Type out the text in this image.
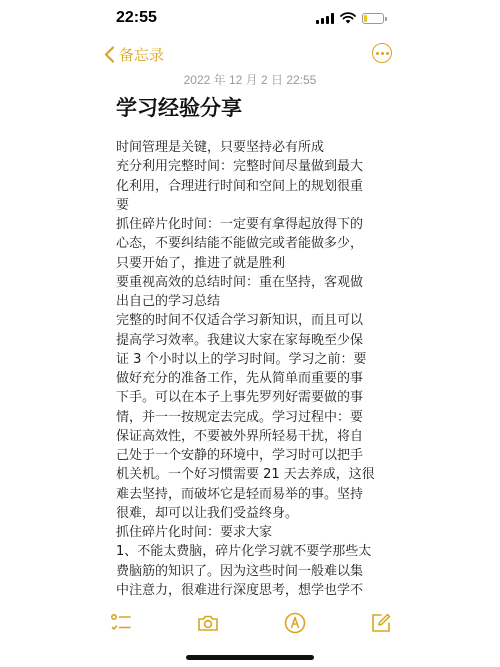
22:55
备忘录
2022 年 12 月 2 日 22:55
学习经验分享
时间管理是关键，只要坚持必有所成
充分利用完整时间：完整时间尽量做到最大
化利用，合理进行时间和空间上的规划很重
要
抓住碎片化时间：一定要有拿得起放得下的
心态，不要纠结能不能做完或者能做多少，
只要开始了，推进了就是胜利
要重视高效的总结时间：重在坚持，客观做
出自己的学习总结
完整的时间不仅适合学习新知识，而且可以
提高学习效率。我建议大家在家每晚至少保
证 3 个小时以上的学习时间。学习之前：要
做好充分的准备工作，先从简单而重要的事
下手。可以在本子上事先罗列好需要做的事
情，并一一按规定去完成。学习过程中：要
保证高效性，不要被外界所轻易干扰，将自
己处于一个安静的环境中，学习时可以把手
机关机。一个好习惯需要 21 天去养成，这很
难去坚持，而破坏它是轻而易举的事。坚持
很难，却可以让我们受益终身。
抓住碎片化时间：要求大家
1、不能太费脑，碎片化学习就不要学那些太
费脑筋的知识了。因为这些时间一般难以集
中注意力，很难进行深度思考，想学也学不
